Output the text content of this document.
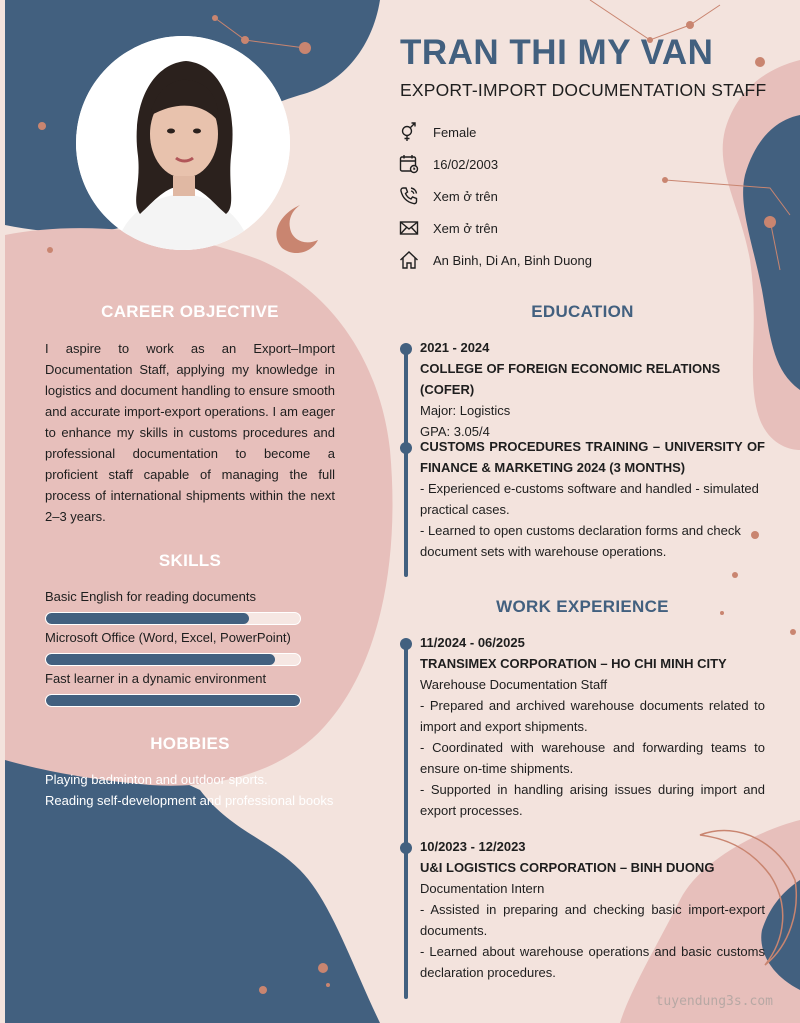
TRAN THI MY VAN
EXPORT-IMPORT DOCUMENTATION STAFF
Female
16/02/2003
Xem ở trên
Xem ở trên
An Binh, Di An, Binh Duong
CAREER OBJECTIVE
I aspire to work as an Export–Import Documentation Staff, applying my knowledge in logistics and document handling to ensure smooth and accurate import-export operations. I am eager to enhance my skills in customs procedures and professional documentation to become a proficient staff capable of managing the full process of international shipments within the next 2–3 years.
SKILLS
Basic English for reading documents
Microsoft Office (Word, Excel, PowerPoint)
Fast learner in a dynamic environment
HOBBIES
Playing badminton and outdoor sports.
Reading self-development and professional books
EDUCATION
2021 - 2024
COLLEGE OF FOREIGN ECONOMIC RELATIONS (COFER)
Major: Logistics
GPA: 3.05/4
CUSTOMS PROCEDURES TRAINING – UNIVERSITY OF FINANCE & MARKETING 2024 (3 MONTHS)
- Experienced e-customs software and handled - simulated practical cases.
- Learned to open customs declaration forms and check document sets with warehouse operations.
WORK EXPERIENCE
11/2024 - 06/2025
TRANSIMEX CORPORATION – HO CHI MINH CITY
Warehouse Documentation Staff
- Prepared and archived warehouse documents related to import and export shipments.
- Coordinated with warehouse and forwarding teams to ensure on-time shipments.
- Supported in handling arising issues during import and export processes.
10/2023 - 12/2023
U&I LOGISTICS CORPORATION – BINH DUONG
Documentation Intern
- Assisted in preparing and checking basic import-export documents.
- Learned about warehouse operations and basic customs declaration procedures.
tuyendung3s.com
